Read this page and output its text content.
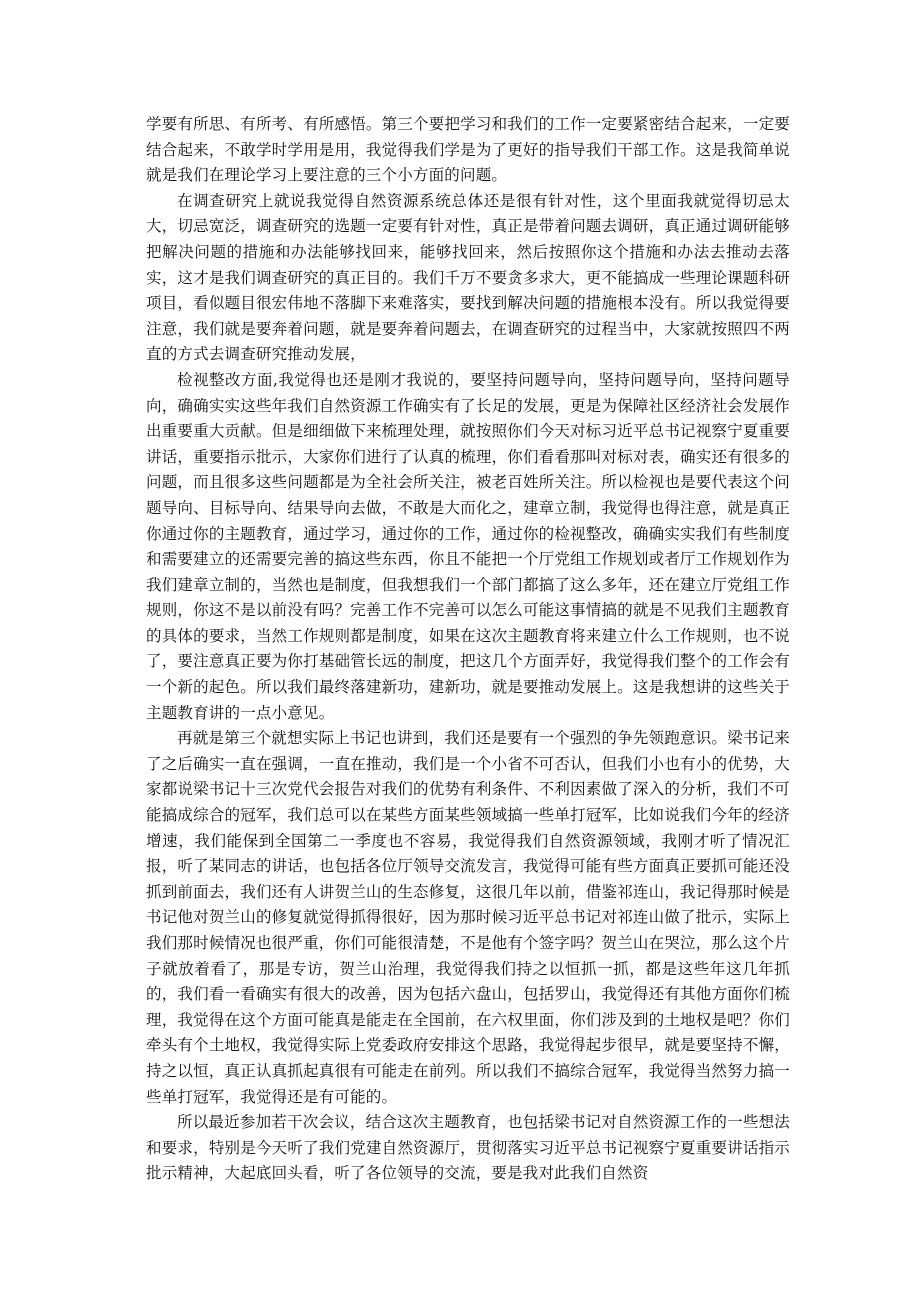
学要有所思、有所考、有所感悟。第三个要把学习和我们的工作一定要紧密结合起来，一定要结合起来，不敢学时学用是用，我觉得我们学是为了更好的指导我们干部工作。这是我简单说就是我们在理论学习上要注意的三个小方面的问题。

在调查研究上就说我觉得自然资源系统总体还是很有针对性，这个里面我就觉得切忌太大，切忌宽泛，调查研究的选题一定要有针对性，真正是带着问题去调研，真正通过调研能够把解决问题的措施和办法能够找回来，能够找回来，然后按照你这个措施和办法去推动去落实，这才是我们调查研究的真正目的。我们千万不要贪多求大，更不能搞成一些理论课题科研项目，看似题目很宏伟地不落脚下来难落实，要找到解决问题的措施根本没有。所以我觉得要注意，我们就是要奔着问题，就是要奔着问题去，在调查研究的过程当中，大家就按照四不两直的方式去调查研究推动发展，

检视整改方面,我觉得也还是刚才我说的，要坚持问题导向，坚持问题导向，坚持问题导向，确确实实这些年我们自然资源工作确实有了长足的发展，更是为保障社区经济社会发展作出重要重大贡献。但是细细做下来梳理处理，就按照你们今天对标习近平总书记视察宁夏重要讲话，重要指示批示，大家你们进行了认真的梳理，你们看看那叫对标对表，确实还有很多的问题，而且很多这些问题都是为全社会所关注，被老百姓所关注。所以检视也是要代表这个问题导向、目标导向、结果导向去做，不敢是大而化之，建章立制，我觉得也得注意，就是真正你通过你的主题教育，通过学习，通过你的工作，通过你的检视整改，确确实实我们有些制度和需要建立的还需要完善的搞这些东西，你且不能把一个厅党组工作规划或者厅工作规划作为我们建章立制的，当然也是制度，但我想我们一个部门都搞了这么多年，还在建立厅党组工作规则，你这不是以前没有吗？完善工作不完善可以怎么可能这事情搞的就是不见我们主题教育的具体的要求，当然工作规则都是制度，如果在这次主题教育将来建立什么工作规则，也不说了，要注意真正要为你打基础管长远的制度，把这几个方面弄好，我觉得我们整个的工作会有一个新的起色。所以我们最终落建新功，建新功，就是要推动发展上。这是我想讲的这些关于主题教育讲的一点小意见。

再就是第三个就想实际上书记也讲到，我们还是要有一个强烈的争先领跑意识。梁书记来了之后确实一直在强调，一直在推动，我们是一个小省不可否认，但我们小也有小的优势，大家都说梁书记十三次党代会报告对我们的优势有利条件、不利因素做了深入的分析，我们不可能搞成综合的冠军，我们总可以在某些方面某些领域搞一些单打冠军，比如说我们今年的经济增速，我们能保到全国第二一季度也不容易，我觉得我们自然资源领域，我刚才听了情况汇报，听了某同志的讲话，也包括各位厅领导交流发言，我觉得可能有些方面真正要抓可能还没抓到前面去，我们还有人讲贺兰山的生态修复，这很几年以前，借鉴祁连山，我记得那时候是书记他对贺兰山的修复就觉得抓得很好，因为那时候习近平总书记对祁连山做了批示，实际上我们那时候情况也很严重，你们可能很清楚，不是他有个签字吗？贺兰山在哭泣，那么这个片子就放着看了，那是专访，贺兰山治理，我觉得我们持之以恒抓一抓，都是这些年这几年抓的，我们看一看确实有很大的改善，因为包括六盘山，包括罗山，我觉得还有其他方面你们梳理，我觉得在这个方面可能真是能走在全国前，在六权里面，你们涉及到的土地权是吧？你们牵头有个土地权，我觉得实际上党委政府安排这个思路，我觉得起步很早，就是要坚持不懈，持之以恒，真正认真抓起真很有可能走在前列。所以我们不搞综合冠军，我觉得当然努力搞一些单打冠军，我觉得还是有可能的。

所以最近参加若干次会议，结合这次主题教育，也包括梁书记对自然资源工作的一些想法和要求，特别是今天听了我们党建自然资源厅，贯彻落实习近平总书记视察宁夏重要讲话指示批示精神，大起底回头看，听了各位领导的交流，要是我对此我们自然资
